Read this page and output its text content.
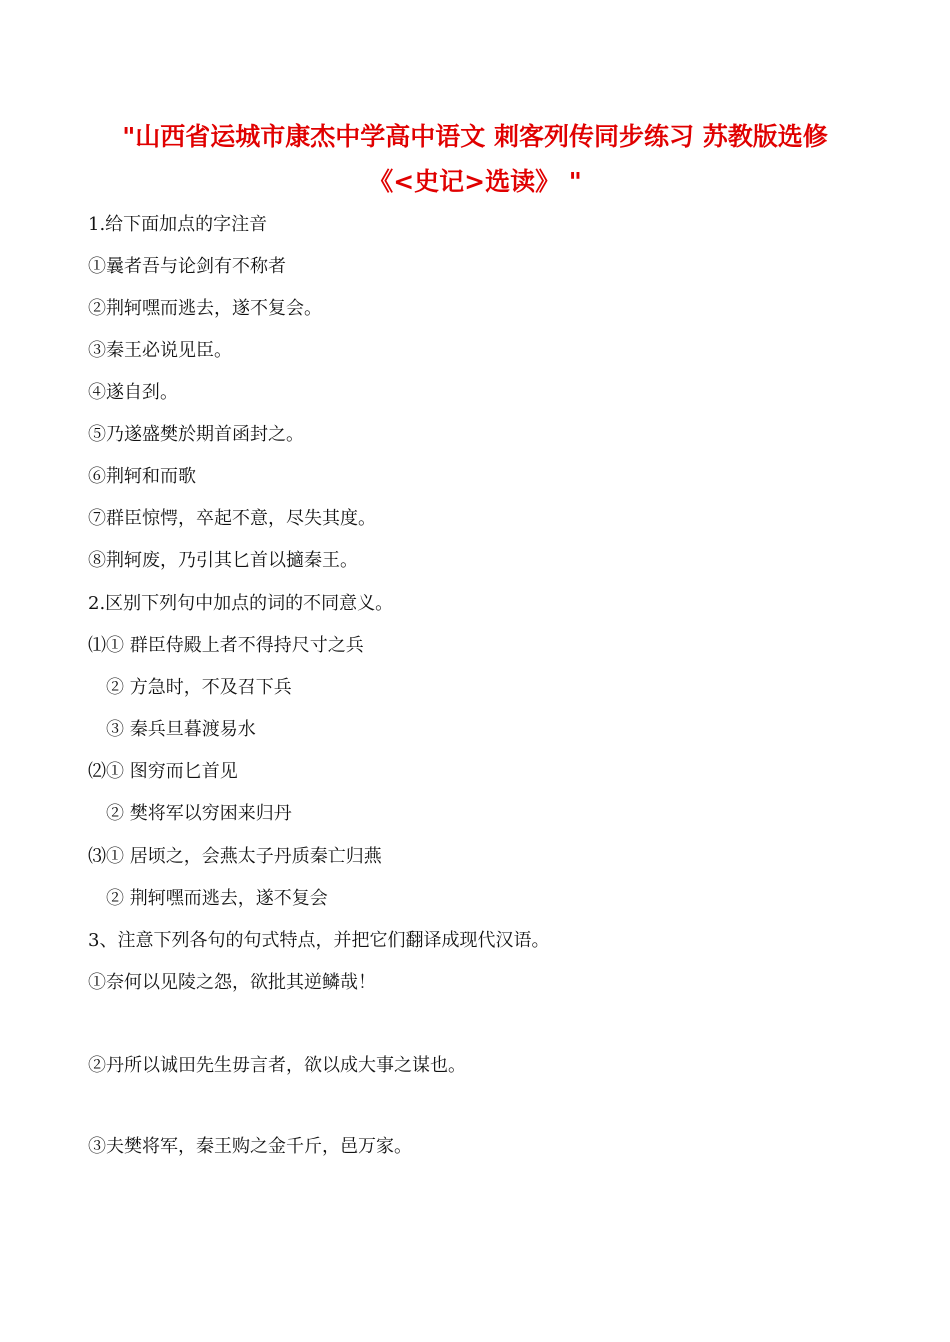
"山西省运城市康杰中学高中语文 刺客列传同步练习 苏教版选修
《<史记>选读》 "
1.给下面加点的字注音
①曩者吾与论剑有不称者
②荆轲嘿而逃去，遂不复会。
③秦王必说见臣。
④遂自刭。
⑤乃遂盛樊於期首函封之。
⑥荆轲和而歌
⑦群臣惊愕，卒起不意，尽失其度。
⑧荆轲废，乃引其匕首以擿秦王。
2.区别下列句中加点的词的不同意义。
⑴① 群臣侍殿上者不得持尺寸之兵
② 方急时，不及召下兵
③ 秦兵旦暮渡易水
⑵① 图穷而匕首见
② 樊将军以穷困来归丹
⑶① 居顷之，会燕太子丹质秦亡归燕
② 荆轲嘿而逃去，遂不复会
3、注意下列各句的句式特点，并把它们翻译成现代汉语。
①奈何以见陵之怨，欲批其逆鳞哉！
②丹所以诚田先生毋言者，欲以成大事之谋也。
③夫樊将军，秦王购之金千斤，邑万家。
